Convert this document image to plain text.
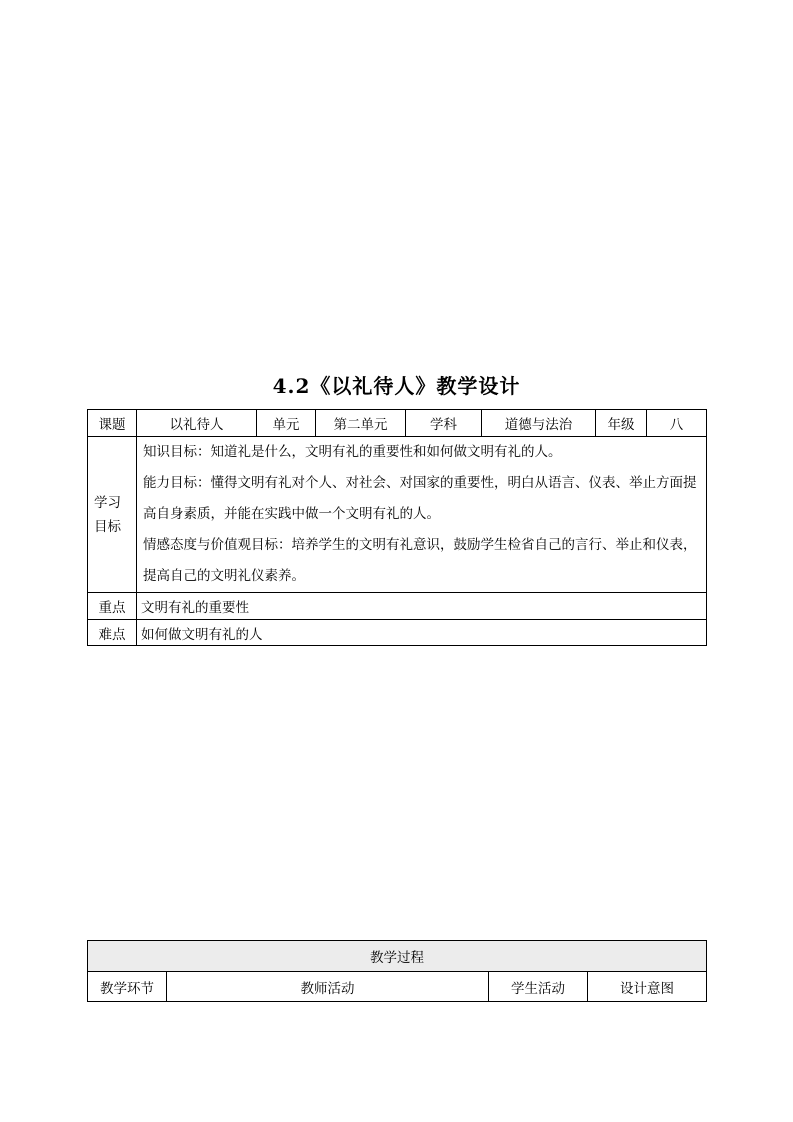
4.2《以礼待人》教学设计
课题	以礼待人	单元	第二单元	学科	道德与法治	年级	八

学习目标	知识目标：知道礼是什么，文明有礼的重要性和如何做文明有礼的人。

能力目标：懂得文明有礼对个人、对社会、对国家的重要性，明白从语言、仪表、举止方面提高自身素质，并能在实践中做一个文明有礼的人。

情感态度与价值观目标：培养学生的文明有礼意识，鼓励学生检省自己的言行、举止和仪表，提高自己的文明礼仪素养。						

重点	文明有礼的重要性						
难点	如何做文明有礼的人						
教学过程
教学环节	教师活动	学生活动	设计意图
